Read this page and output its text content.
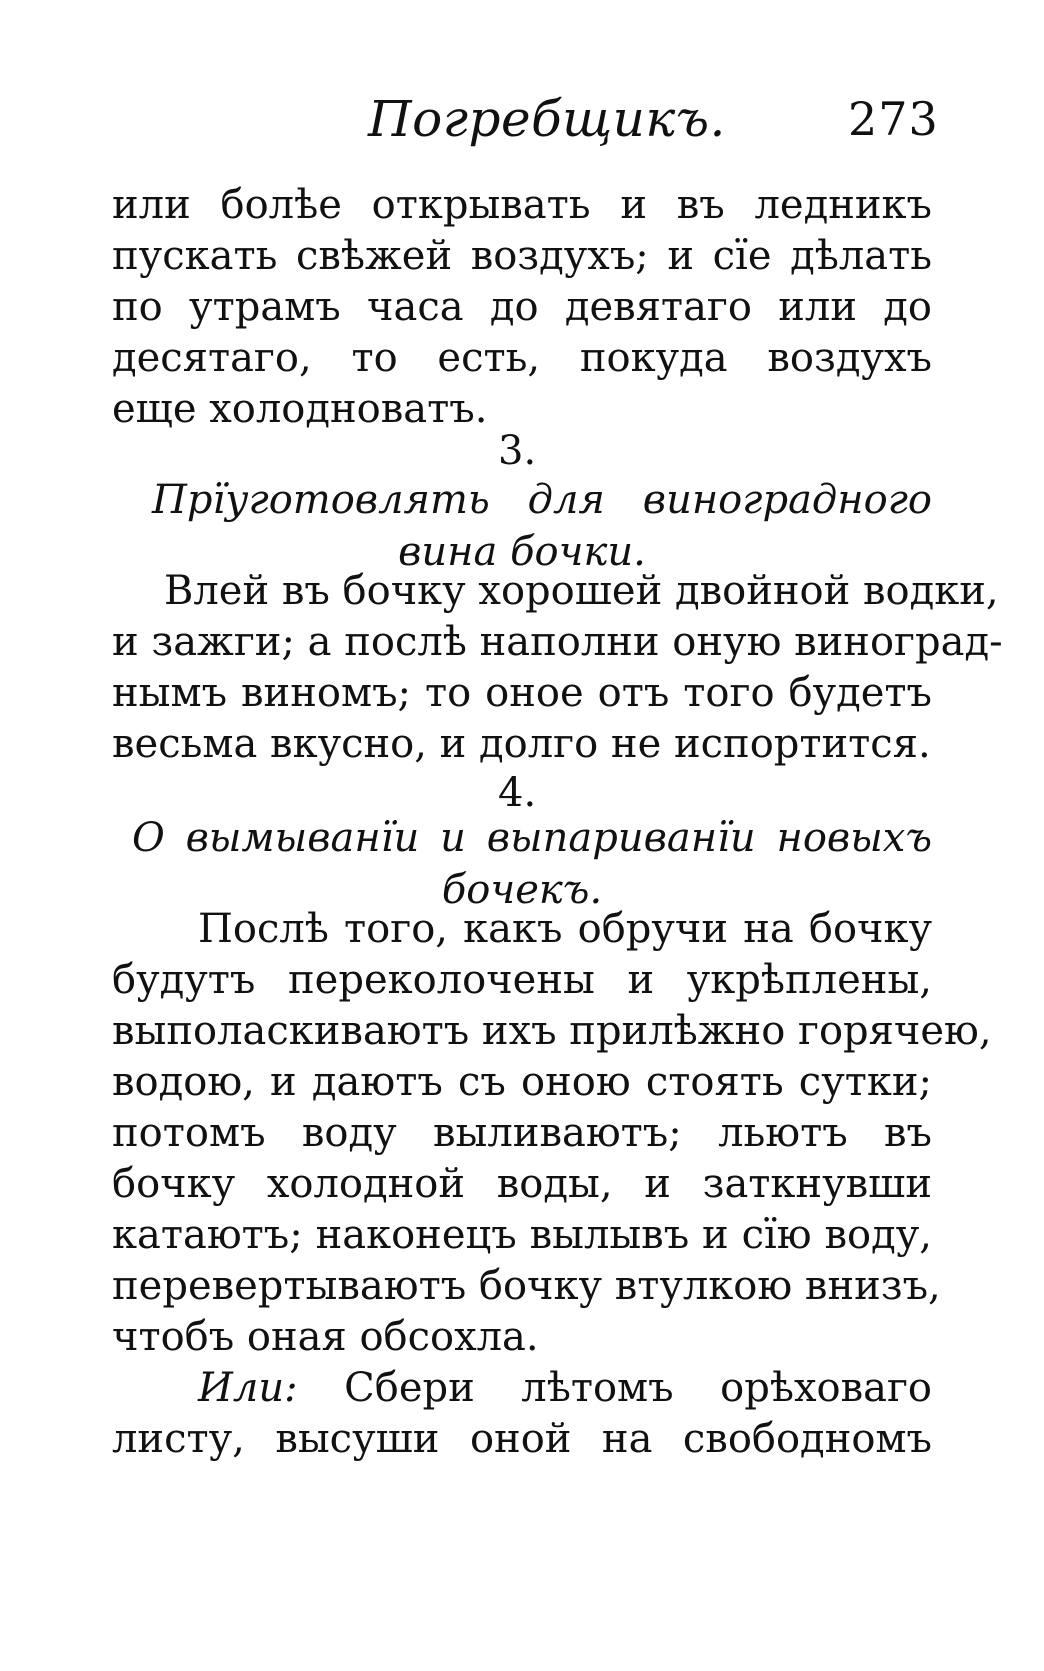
Погребщикъ.	273
или болѣе открывать и въ ледникъ
пускать свѣжей воздухъ; и сїе дѣлать
по утрамъ часа до девятаго или до
десятаго, то есть, покуда воздухъ
еще холодноватъ.
3.
Прїуготовлять для виноградного
вина бочки.
Влей въ бочку хорошей двойной водки,
и зажги; а послѣ наполни оную виноград-
нымъ виномъ; то оное отъ того будетъ
весьма вкусно, и долго не испортится.
4.
О вымыванїи и выпариванїи новыхъ
бочекъ.
Послѣ того, какъ обручи на бочку
будутъ переколочены и укрѣплены,
выполаскиваютъ ихъ прилѣжно горячею,
водою, и даютъ съ оною стоять сутки;
потомъ воду выливаютъ; льютъ въ
бочку холодной воды, и заткнувши
катаютъ; наконецъ вылывъ и сїю воду,
перевертываютъ бочку втулкою внизъ,
чтобъ оная обсохла.
Или: Сбери лѣтомъ орѣховаго
листу, высуши оной на свободномъ
